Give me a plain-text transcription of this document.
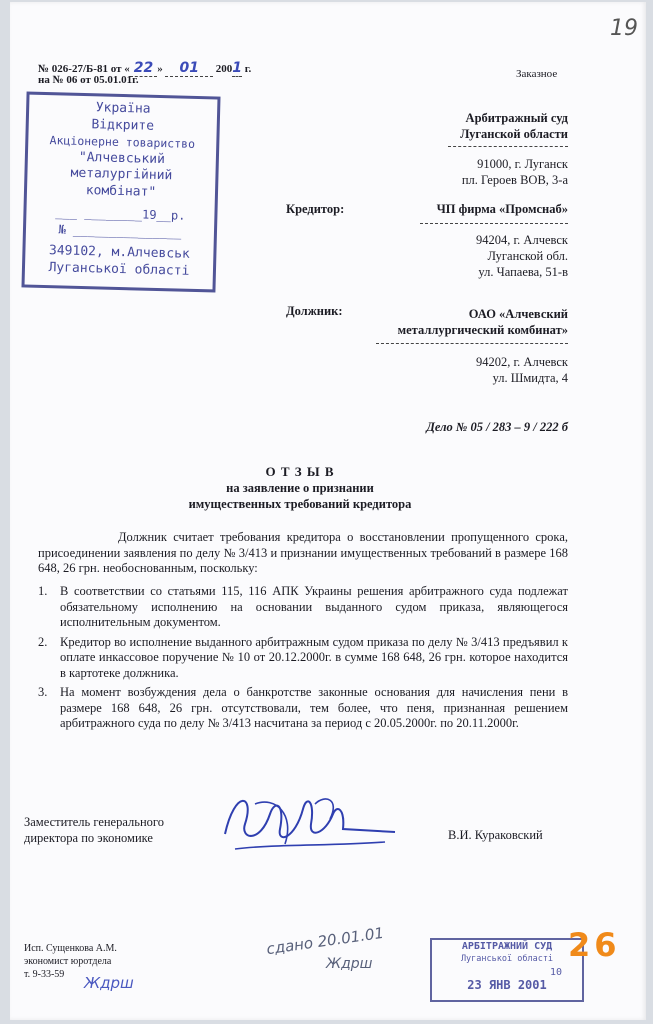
19
№ 026-27/Б-81 от « 22 » 01 2001 г.
на № 06 от 05.01.01г.	Заказное
Україна
Відкрите
Акціонерне товариство
"Алчевський
металургійний
комбінат"
___ ________19__р.
№ _______________
349102, м.Алчевськ
Луганської області
Арбитражный суд
Луганской области
91000, г. Луганск
пл. Героев ВОВ, 3-а
Кредитор:	ЧП фирма «Промснаб»
94204, г. Алчевск
Луганской обл.
ул. Чапаева, 51-в
Должник:	ОАО «Алчевский
металлургический комбинат»
94202, г. Алчевск
ул. Шмидта, 4
Дело № 05 / 283 – 9 / 222 б
О Т З Ы В
на заявление о признании
имущественных требований кредитора
Должник считает требования кредитора о восстановлении пропущенного срока, присоединении заявления по делу № 3/413 и признании имущественных требований в размере 168 648, 26 грн. необоснованным, поскольку:
1.	В соответствии со статьями 115, 116 АПК Украины решения арбитражного суда подлежат обязательному исполнению на основании выданного судом приказа, являющегося исполнительным документом.
2.	Кредитор во исполнение выданного арбитражным судом приказа по делу № 3/413 предъявил к оплате инкассовое поручение № 10 от 20.12.2000г. в сумме 168 648, 26 грн. которое находится в картотеке должника.
3.	На момент возбуждения дела о банкротстве законные основания для начисления пени в размере 168 648, 26 грн. отсутствовали, тем более, что пеня, признанная решением арбитражного суда по делу № 3/413 насчитана за период с 20.05.2000г. по 20.11.2000г.
Заместитель генерального
директора по экономике	В.И. Кураковский
Исп. Сущенкова А.М.
экономист юротдела
т. 9-33-59	Ждрш
сдано 20.01.01
Ждрш
АРБІТРАЖНИЙ СУД
Луганської області
10
23 ЯНВ 2001
26
